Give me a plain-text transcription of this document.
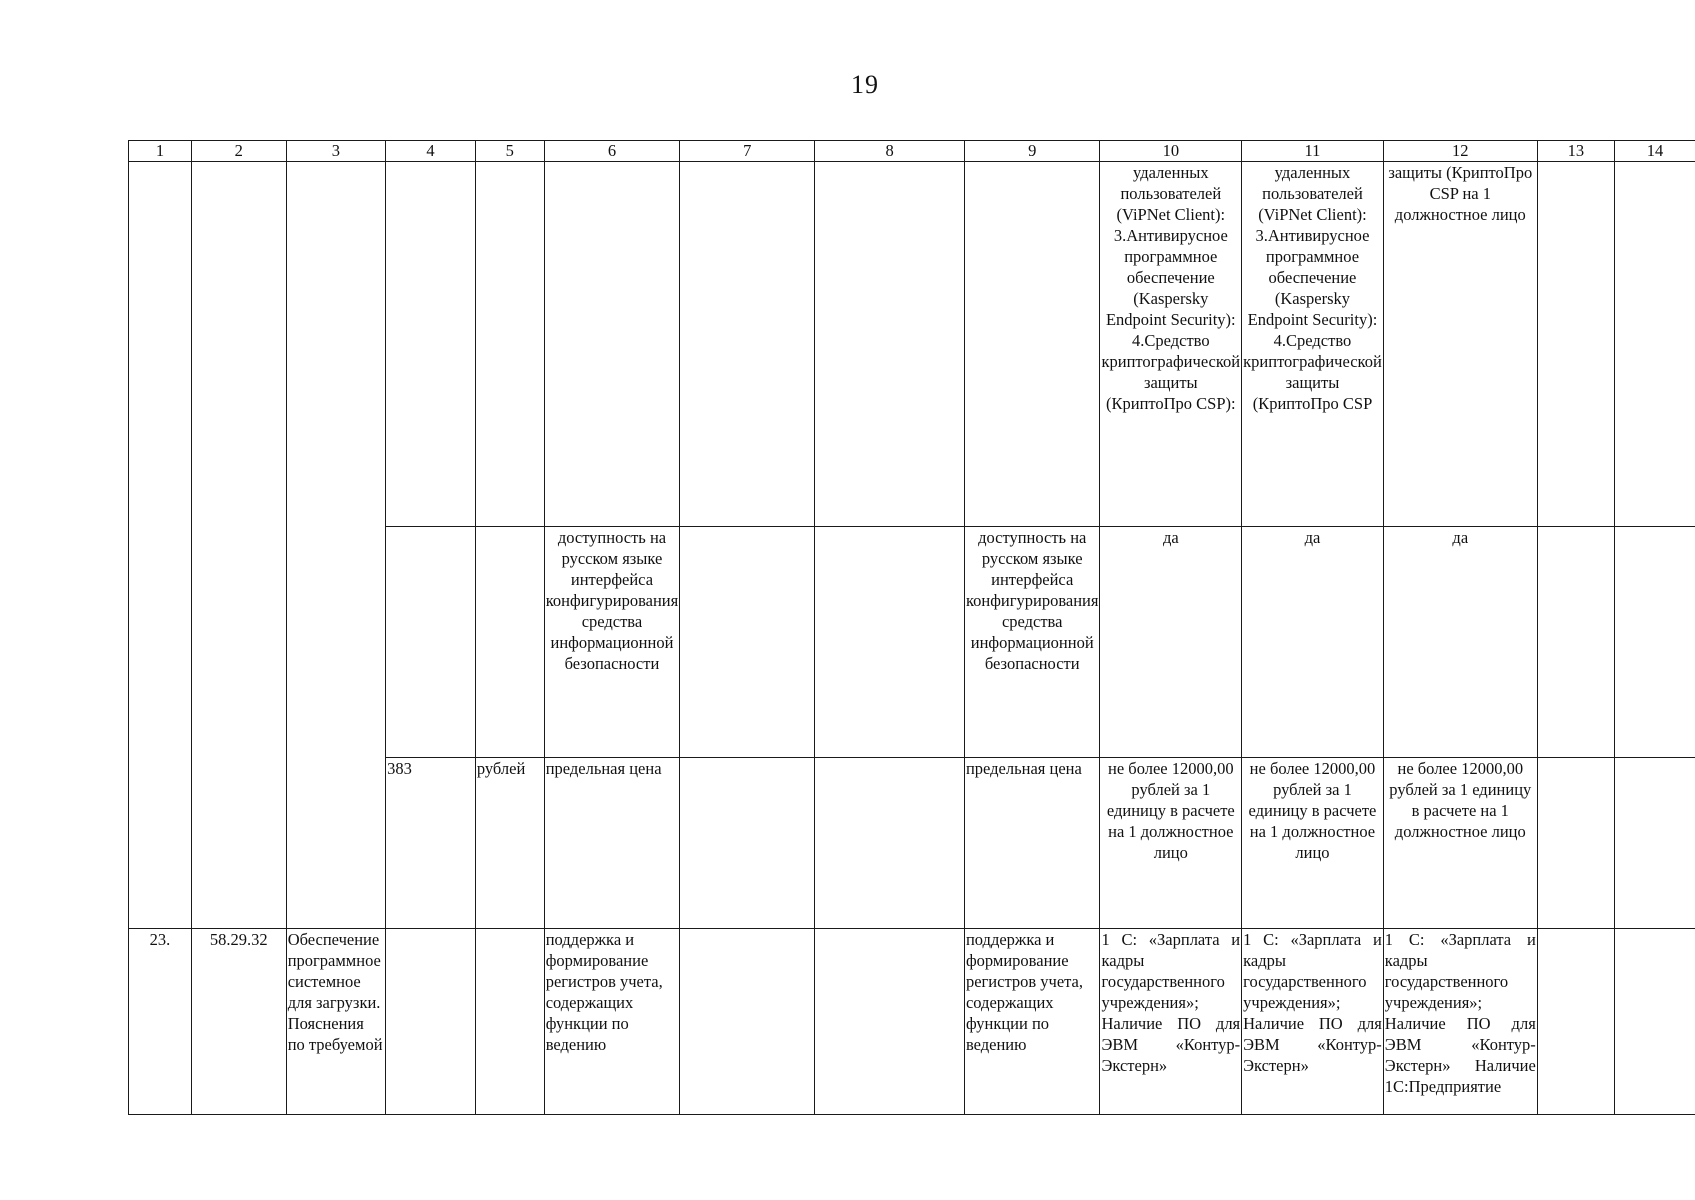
19
1	2	3	4	5	6	7	8	9	10	11	12	13	14
									удаленных пользователей (ViPNet Client): 3.Антивирусное программное обеспечение (Kaspersky Endpoint Security): 4.Средство криптографической защиты (КриптоПро CSP):	удаленных пользователей (ViPNet Client): 3.Антивирусное программное обеспечение (Kaspersky Endpoint Security): 4.Средство криптографической защиты (КриптоПро CSP	защиты (КриптоПро CSP на 1 должностное лицо		
					доступность на русском языке интерфейса конфигурирования средства информационной безопасности			доступность на русском языке интерфейса конфигурирования средства информационной безопасности	да	да	да		
			383	рублей	предельная цена			предельная цена	не более 12000,00 рублей за 1 единицу в расчете на 1 должностное лицо	не более 12000,00 рублей за 1 единицу в расчете на 1 должностное лицо	не более 12000,00 рублей за 1 единицу в расчете на 1 должностное лицо		
23.	58.29.32	Обеспечение программное системное для загрузки. Пояснения по требуемой			поддержка и формирование регистров учета, содержащих функции по ведению			поддержка и формирование регистров учета, содержащих функции по ведению	1 С: «Зарплата и кадры государственного учреждения»; Наличие ПО для ЭВМ «Контур-Экстерн»	1 С: «Зарплата и кадры государственного учреждения»; Наличие ПО для ЭВМ «Контур-Экстерн»	1 С: «Зарплата и кадры государственного учреждения»; Наличие ПО для ЭВМ «Контур-Экстерн» Наличие 1С:Предприятие		
